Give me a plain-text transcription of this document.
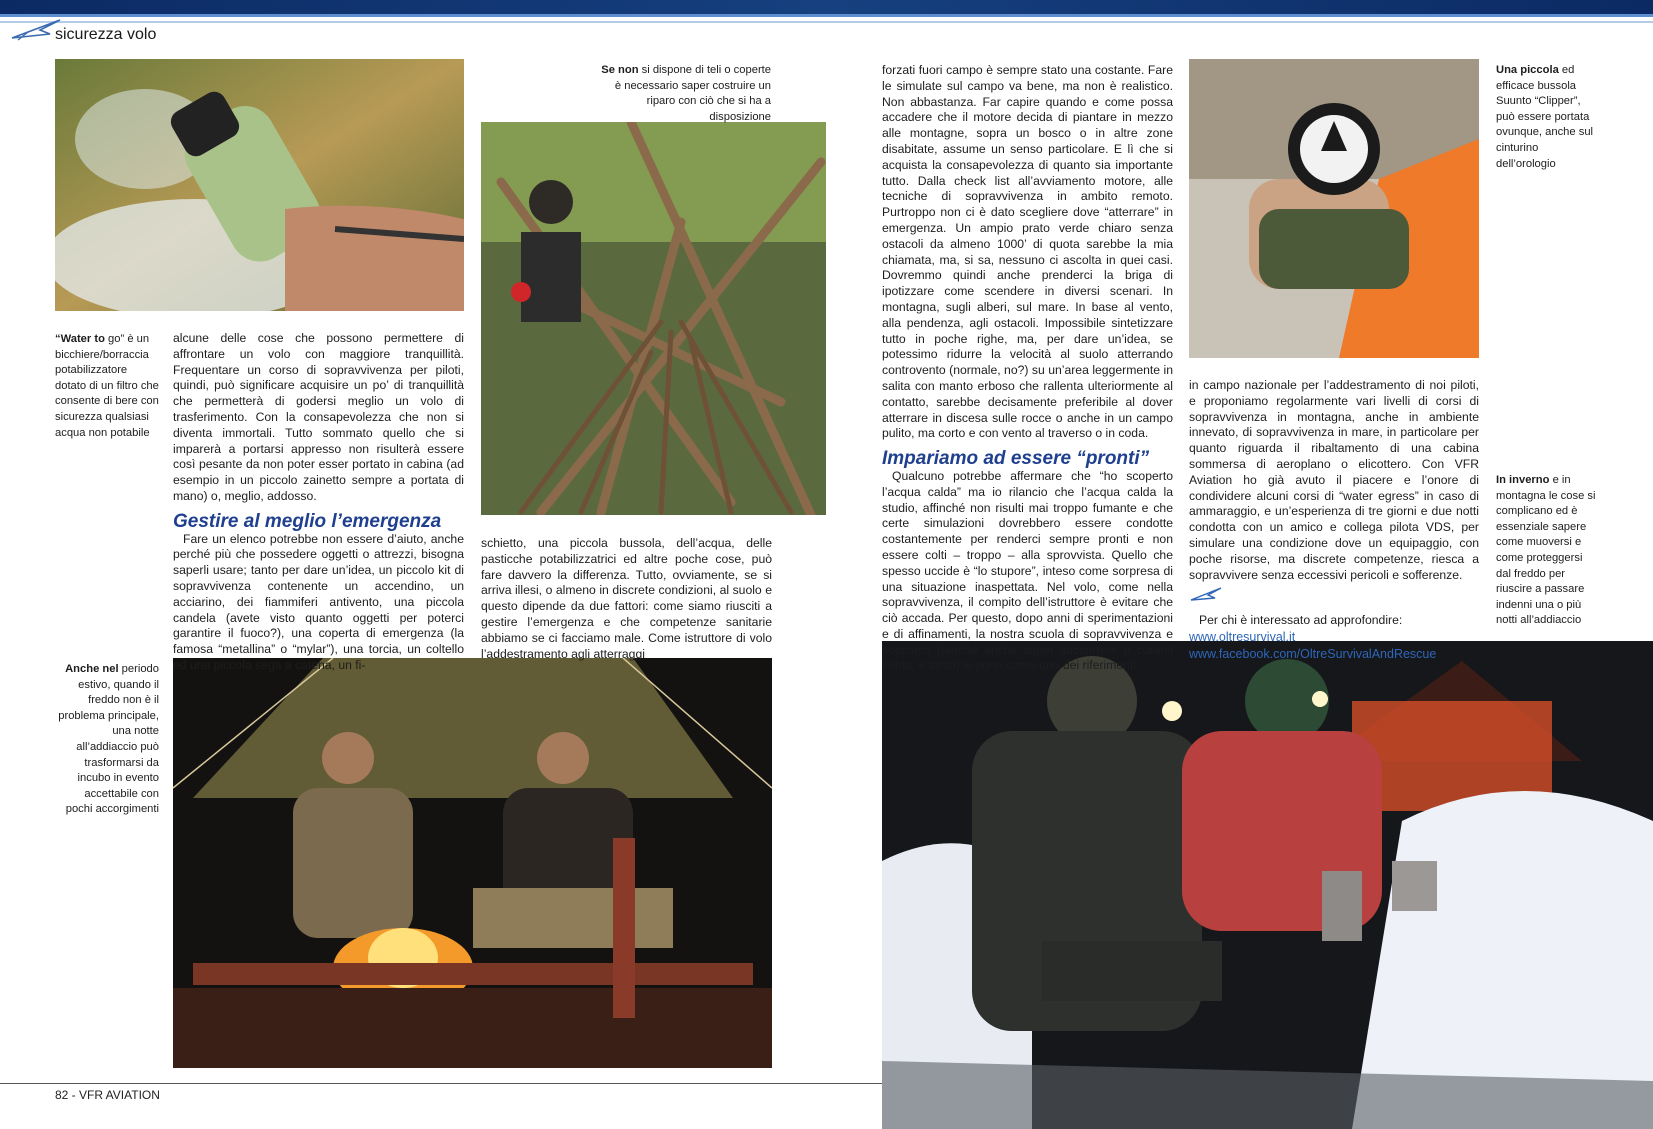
sicurezza volo
“Water to go” è un bicchiere/borraccia potabilizzatore dotato di un filtro che consente di bere con sicurezza qualsiasi acqua non potabile
Se non si dispone di teli o coperte è necessario saper costruire un riparo con ciò che si ha a disposizione
Anche nel periodo estivo, quando il freddo non è il problema principale, una notte all’addiaccio può trasformarsi da incubo in evento accettabile con pochi accorgimenti
Una piccola ed efficace bussola Suunto “Clipper”, può essere portata ovunque, anche sul cinturino dell’orologio
In inverno e in montagna le cose si complicano ed è essenziale sapere come muoversi e come proteggersi dal freddo per riuscire a passare indenni una o più notti all’addiaccio

alcune delle cose che possono permettere di affrontare un volo con maggiore tranquillità. Frequentare un corso di sopravvivenza per piloti, quindi, può significare acquisire un po’ di tranquillità che permetterà di godersi meglio un volo di trasferimento. Con la consapevolezza che non si diventa immortali. Tutto sommato quello che si imparerà a portarsi appresso non risulterà essere così pesante da non poter esser portato in cabina (ad esempio in un piccolo zainetto sempre a portata di mano) o, meglio, addosso.

Gestire al meglio l’emergenza

Fare un elenco potrebbe non essere d’aiuto, anche perché più che possedere oggetti o attrezzi, bisogna saperli usare; tanto per dare un’idea, un piccolo kit di sopravvivenza contenente un accendino, un acciarino, dei fiammiferi antivento, una piccola candela (avete visto quanto oggetti per poterci garantire il fuoco?), una coperta di emergenza (la famosa “metallina” o “mylar”), una torcia, un coltello ed una piccola sega a catena, un fi-

schietto, una piccola bussola, dell’acqua, delle pasticche potabilizzatrici ed altre poche cose, può fare davvero la differenza. Tutto, ovviamente, se si arriva illesi, o almeno in discrete condizioni, al suolo e questo dipende da due fattori: come siamo riusciti a gestire l’emergenza e che competenze sanitarie abbiamo se ci facciamo male. Come istruttore di volo l’addestramento agli atterraggi

forzati fuori campo è sempre stato una costante. Fare le simulate sul campo va bene, ma non è realistico. Non abbastanza. Far capire quando e come possa accadere che il motore decida di piantare in mezzo alle montagne, sopra un bosco o in altre zone disabitate, assume un senso particolare. E lì che si acquista la consapevolezza di quanto sia importante tutto. Dalla check list all’avviamento motore, alle tecniche di sopravvivenza in ambito remoto. Purtroppo non ci è dato scegliere dove “atterrare” in emergenza. Un ampio prato verde chiaro senza ostacoli da almeno 1000’ di quota sarebbe la mia chiamata, ma, si sa, nessuno ci ascolta in quei casi. Dovremmo quindi anche prenderci la briga di ipotizzare come scendere in diversi scenari. In montagna, sugli alberi, sul mare. In base al vento, alla pendenza, agli ostacoli. Impossibile sintetizzare tutto in poche righe, ma, per dare un’idea, se potessimo ridurre la velocità al suolo atterrando controvento (normale, no?) su un’area leggermente in salita con manto erboso che rallenta ulteriormente al contatto, sarebbe decisamente preferibile al dover atterrare in discesa sulle rocce o anche in un campo pulito, ma corto e con vento al traverso o in coda.

Impariamo ad essere “pronti”

Qualcuno potrebbe affermare che “ho scoperto l’acqua calda” ma io rilancio che l’acqua calda la studio, affinché non risulti mai troppo fumante e che certe simulazioni dovrebbero essere condotte costantemente per renderci sempre pronti e non essere colti – troppo – alla sprovvista. Quello che spesso uccide è “lo stupore”, inteso come sorpresa di una situazione inaspettata. Nel volo, come nella sopravvivenza, il compito dell’istruttore è evitare che ciò accada. Per questo, dopo anni di sperimentazioni e di affinamenti, la nostra scuola di sopravvivenza e soccorso (perché anche saper soccorrere o curarsi conta, e tanto) si pone come uno dei riferimenti

in campo nazionale per l’addestramento di noi piloti, e proponiamo regolarmente vari livelli di corsi di sopravvivenza in montagna, anche in ambiente innevato, di sopravvivenza in mare, in particolare per quanto riguarda il ribaltamento di una cabina sommersa di aeroplano o elicottero. Con VFR Aviation ho già avuto il piacere e l’onore di condividere alcuni corsi di “water egress” in caso di ammaraggio, e un’esperienza di tre giorni e due notti condotta con un amico e collega pilota VDS, per simulare una condizione dove un equipaggio, con poche risorse, ma discrete competenze, riesca a sopravvivere senza eccessivi pericoli e sofferenze.

Per chi è interessato ad approfondire:
www.oltresurvival.it
www.facebook.com/OltreSurvivalAndRescue
82 - VFR AVIATION
